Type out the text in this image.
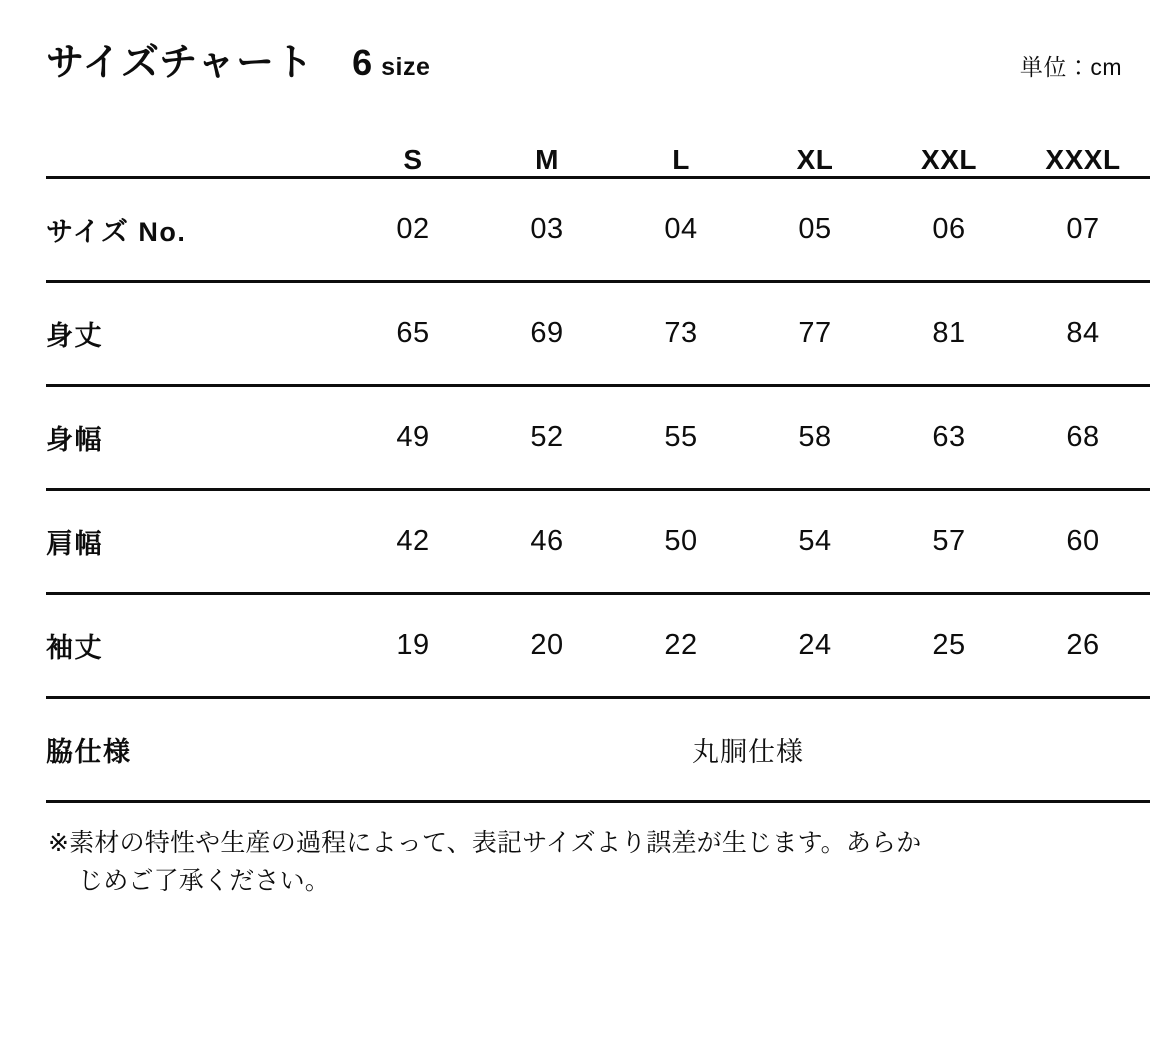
サイズチャート 6 size	単位：cm
	S	M	L	XL	XXL	XXXL
サイズ No.	02	03	04	05	06	07
身丈	65	69	73	77	81	84
身幅	49	52	55	58	63	68
肩幅	42	46	50	54	57	60
袖丈	19	20	22	24	25	26
脇仕様	丸胴仕様					
※素材の特性や生産の過程によって、表記サイズより誤差が生じます。あらか
じめご了承ください。
